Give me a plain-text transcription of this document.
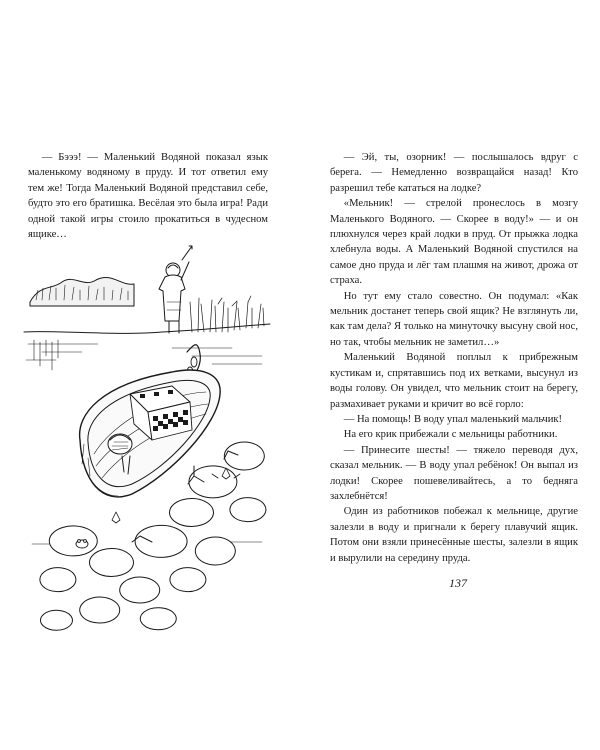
— Бэээ! — Маленький Водяной показал язык маленькому водяному в пруду. И тот ответил ему тем же! Тогда Маленький Водяной представил себе, будто это его братишка. Весёлая это была игра! Ради одной такой игры стоило прокатиться в чудесном ящике…

— Эй, ты, озорник! — послышалось вдруг с берега. — Немедленно возвращайся назад! Кто разрешил тебе кататься на лодке?

«Мельник! — стрелой пронеслось в мозгу Маленького Водяного. — Скорее в воду!» — и он плюхнулся через край лодки в пруд. От прыжка лодка хлебнула воды. А Маленький Водяной спустился на самое дно пруда и лёг там плашмя на живот, дрожа от страха.

Но тут ему стало совестно. Он подумал: «Как мельник достанет теперь свой ящик? Не взглянуть ли, как там дела? Я только на минуточку высуну свой нос, но так, чтобы мельник не заметил…»

Маленький Водяной поплыл к прибрежным кустикам и, спрятавшись под их ветками, высунул из воды голову. Он увидел, что мельник стоит на берегу, размахивает руками и кричит во всё горло:

— На помощь! В воду упал маленький мальчик!

На его крик прибежали с мельницы работники.

— Принесите шесты! — тяжело переводя дух, сказал мельник. — В воду упал ребёнок! Он выпал из лодки! Скорее пошевеливайтесь, а то бедняга захлебнётся!

Один из работников побежал к мельнице, другие залезли в воду и пригнали к берегу плавучий ящик. Потом они взяли принесённые шесты, залезли в ящик и вырулили на середину пруда.

137
